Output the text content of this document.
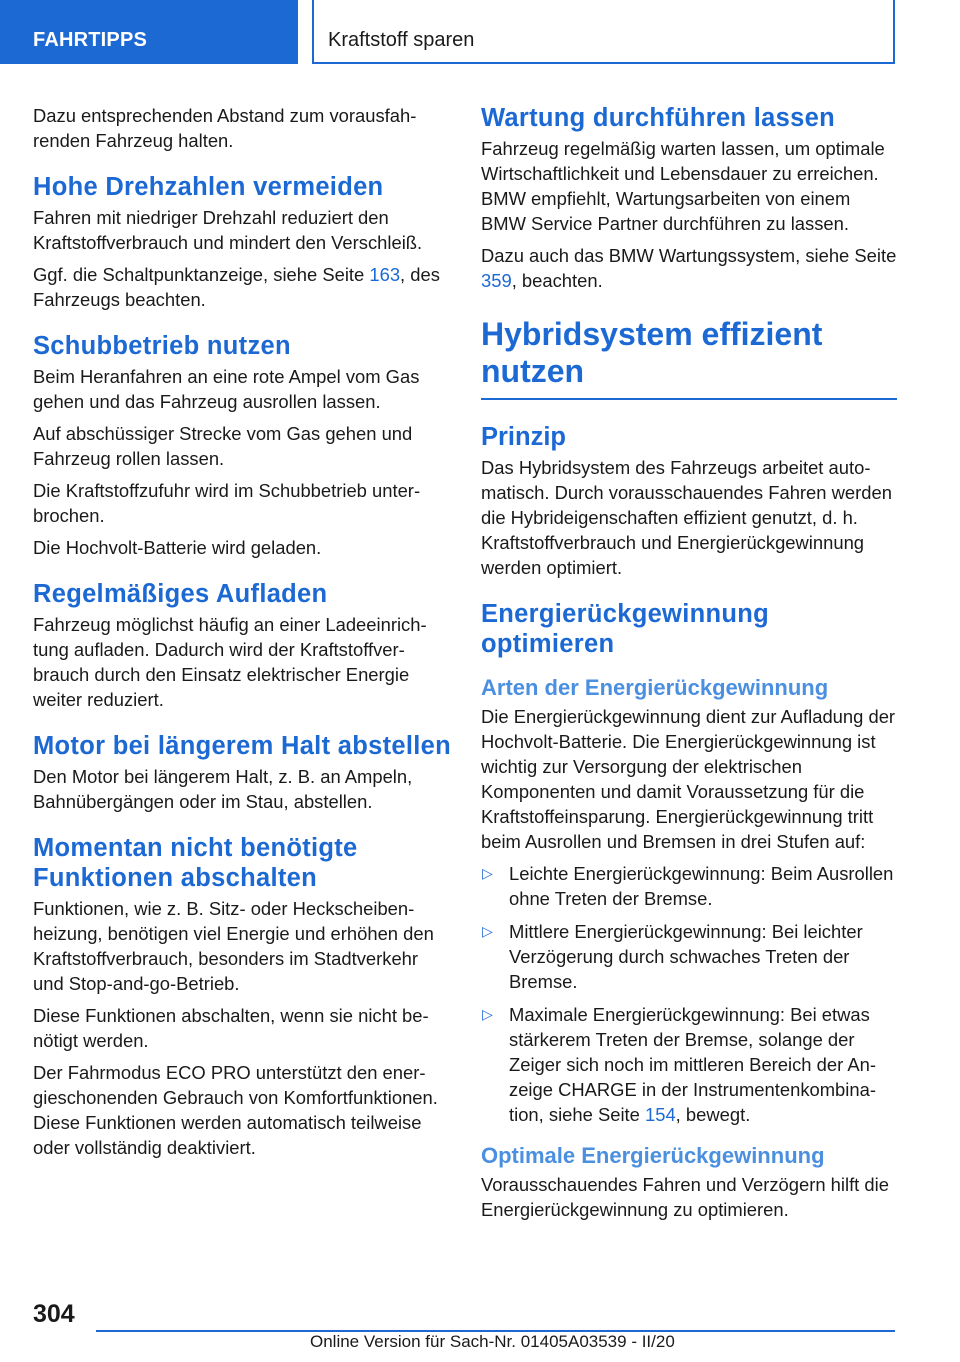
FAHRTIPPS	Kraftstoff sparen

Dazu entsprechenden Abstand zum vorausfahrenden Fahrzeug halten.

Hohe Drehzahlen vermeiden

Fahren mit niedriger Drehzahl reduziert den Kraftstoffverbrauch und mindert den Verschleiß.

Ggf. die Schaltpunktanzeige, siehe Seite 163, des Fahrzeugs beachten.

Schubbetrieb nutzen

Beim Heranfahren an eine rote Ampel vom Gas gehen und das Fahrzeug ausrollen lassen.

Auf abschüssiger Strecke vom Gas gehen und Fahrzeug rollen lassen.

Die Kraftstoffzufuhr wird im Schubbetrieb unterbrochen.

Die Hochvolt-Batterie wird geladen.

Regelmäßiges Aufladen

Fahrzeug möglichst häufig an einer Ladeeinrichtung aufladen. Dadurch wird der Kraftstoffverbrauch durch den Einsatz elektrischer Energie weiter reduziert.

Motor bei längerem Halt abstellen

Den Motor bei längerem Halt, z. B. an Ampeln, Bahnübergängen oder im Stau, abstellen.

Momentan nicht benötigte Funktionen abschalten

Funktionen, wie z. B. Sitz- oder Heckscheibenheizung, benötigen viel Energie und erhöhen den Kraftstoffverbrauch, besonders im Stadtverkehr und Stop-and-go-Betrieb.

Diese Funktionen abschalten, wenn sie nicht benötigt werden.

Der Fahrmodus ECO PRO unterstützt den energieschonenden Gebrauch von Komfortfunktionen. Diese Funktionen werden automatisch teilweise oder vollständig deaktiviert.

Wartung durchführen lassen

Fahrzeug regelmäßig warten lassen, um optimale Wirtschaftlichkeit und Lebensdauer zu erreichen. BMW empfiehlt, Wartungsarbeiten von einem BMW Service Partner durchführen zu lassen.

Dazu auch das BMW Wartungssystem, siehe Seite 359, beachten.

Hybridsystem effizient nutzen
Prinzip

Das Hybridsystem des Fahrzeugs arbeitet automatisch. Durch vorausschauendes Fahren werden die Hybrideigenschaften effizient genutzt, d. h. Kraftstoffverbrauch und Energierückgewinnung werden optimiert.

Energierückgewinnung optimieren
Arten der Energierückgewinnung

Die Energierückgewinnung dient zur Aufladung der Hochvolt-Batterie. Die Energierückgewinnung ist wichtig zur Versorgung der elektrischen Komponenten und damit Voraussetzung für die Kraftstoffeinsparung. Energierückgewinnung tritt beim Ausrollen und Bremsen in drei Stufen auf:

▷ Leichte Energierückgewinnung: Beim Ausrollen ohne Treten der Bremse.
▷ Mittlere Energierückgewinnung: Bei leichter Verzögerung durch schwaches Treten der Bremse.
▷ Maximale Energierückgewinnung: Bei etwas stärkerem Treten der Bremse, solange der Zeiger sich noch im mittleren Bereich der Anzeige CHARGE in der Instrumentenkombination, siehe Seite 154, bewegt.
Optimale Energierückgewinnung

Vorausschauendes Fahren und Verzögern hilft die Energierückgewinnung zu optimieren.

304
Online Version für Sach-Nr. 01405A03539 - II/20
